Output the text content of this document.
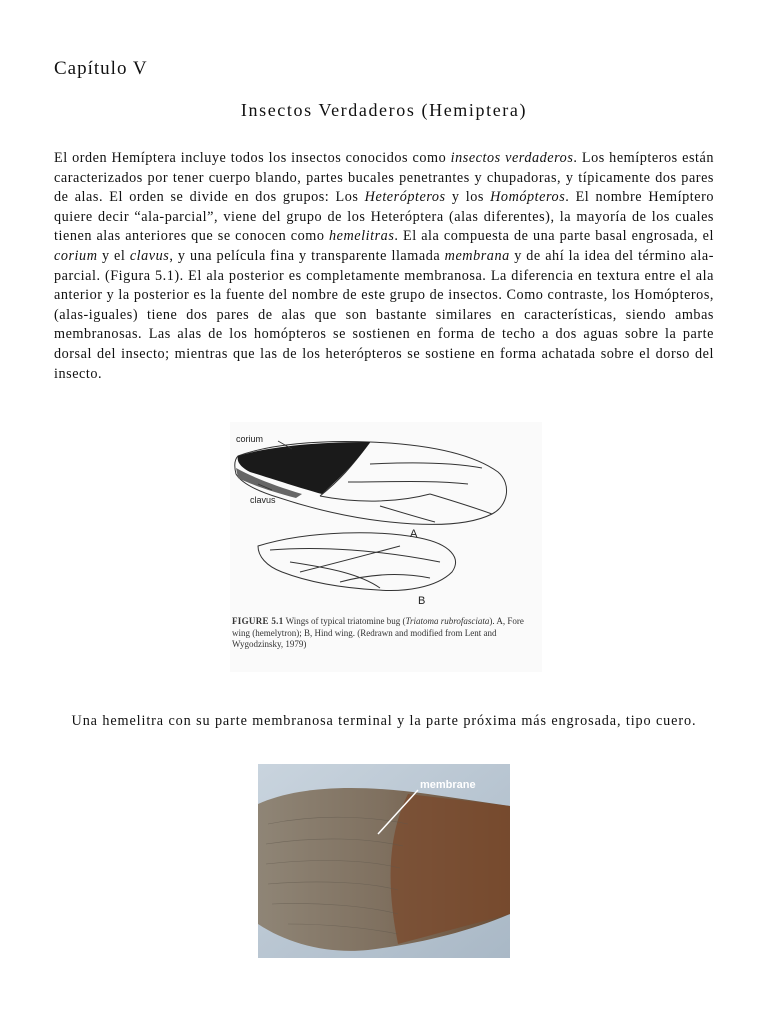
Capítulo V
Insectos Verdaderos (Hemiptera)

El orden Hemíptera incluye todos los insectos conocidos como insectos verdaderos. Los hemípteros están caracterizados por tener cuerpo blando, partes bucales penetrantes y chupadoras, y típicamente dos pares de alas. El orden se divide en dos grupos: Los Heterópteros y los Homópteros. El nombre Hemíptero quiere decir “ala-parcial”, viene del grupo de los Heteróptera (alas diferentes), la mayoría de los cuales tienen alas anteriores que se conocen como hemelitras. El ala compuesta de una parte basal engrosada, el corium y el clavus, y una película fina y transparente llamada membrana y de ahí la idea del término ala-parcial. (Figura 5.1). El ala posterior es completamente membranosa. La diferencia en textura entre el ala anterior y la posterior es la fuente del nombre de este grupo de insectos. Como contraste, los Homópteros, (alas-iguales) tiene dos pares de alas que son bastante similares en características, siendo ambas membranosas. Las alas de los homópteros se sostienen en forma de techo a dos aguas sobre la parte dorsal del insecto; mientras que las de los heterópteros se sostiene en forma achatada sobre el dorso del insecto.

corium
clavus
A
B

FIGURE 5.1 Wings of typical triatomine bug (Triatoma rubrofasciata). A, Fore wing (hemelytron); B, Hind wing. (Redrawn and modified from Lent and Wygodzinsky, 1979)

Una hemelitra con su parte membranosa terminal y la parte próxima más engrosada, tipo cuero.

membrane
